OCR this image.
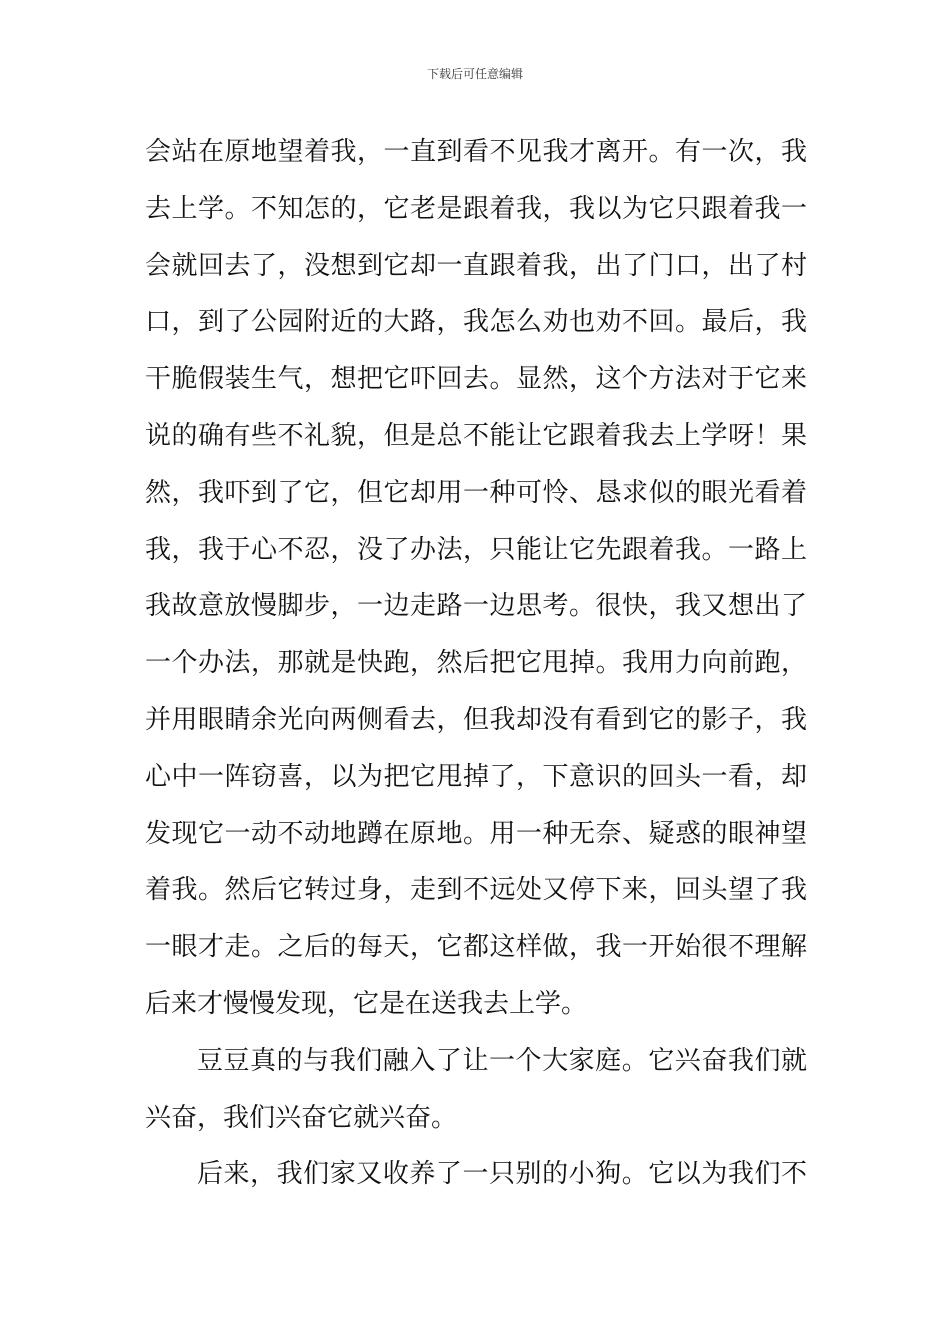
下载后可任意编辑
会站在原地望着我，一直到看不见我才离开。有一次，我
去上学。不知怎的，它老是跟着我，我以为它只跟着我一
会就回去了，没想到它却一直跟着我，出了门口，出了村
口，到了公园附近的大路，我怎么劝也劝不回。最后，我
干脆假装生气，想把它吓回去。显然，这个方法对于它来
说的确有些不礼貌，但是总不能让它跟着我去上学呀！果
然，我吓到了它，但它却用一种可怜、恳求似的眼光看着
我，我于心不忍，没了办法，只能让它先跟着我。一路上
我故意放慢脚步，一边走路一边思考。很快，我又想出了
一个办法，那就是快跑，然后把它甩掉。我用力向前跑，
并用眼睛余光向两侧看去，但我却没有看到它的影子，我
心中一阵窃喜，以为把它甩掉了，下意识的回头一看，却
发现它一动不动地蹲在原地。用一种无奈、疑惑的眼神望
着我。然后它转过身，走到不远处又停下来，回头望了我
一眼才走。之后的每天，它都这样做，我一开始很不理解
后来才慢慢发现，它是在送我去上学。
豆豆真的与我们融入了让一个大家庭。它兴奋我们就
兴奋，我们兴奋它就兴奋。
后来，我们家又收养了一只别的小狗。它以为我们不
